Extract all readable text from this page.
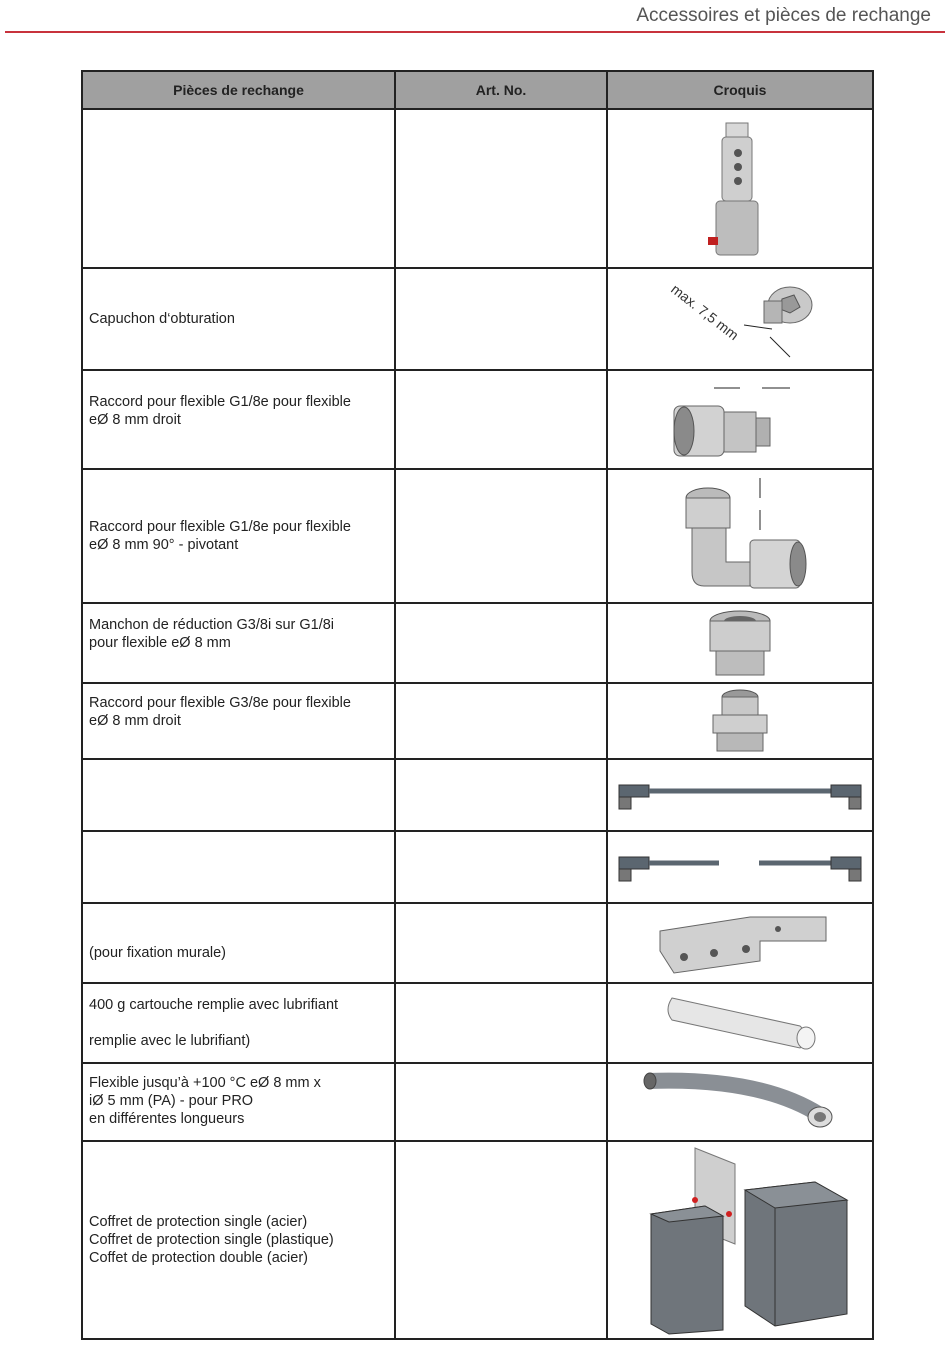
Accessoires et pièces de rechange
Pièces de rechange	Art. No.	Croquis

Capuchon d‘obturation		max. 7,5 mm

Raccord pour flexible G1/8e pour flexible
eØ 8 mm droit

Raccord pour flexible G1/8e pour flexible
eØ 8 mm 90° - pivotant

Manchon de réduction G3/8i sur G1/8i
pour flexible eØ 8 mm

Raccord pour flexible G3/8e pour flexible
eØ 8 mm droit

(pour fixation murale)

400 g cartouche remplie avec lubrifiant
remplie avec le lubrifiant)

Flexible jusqu’à +100 °C eØ 8 mm x
iØ 5 mm (PA) - pour PRO
en différentes longueurs

Coffret de protection single (acier)
Coffret de protection single (plastique)
Coffet de protection double (acier)
